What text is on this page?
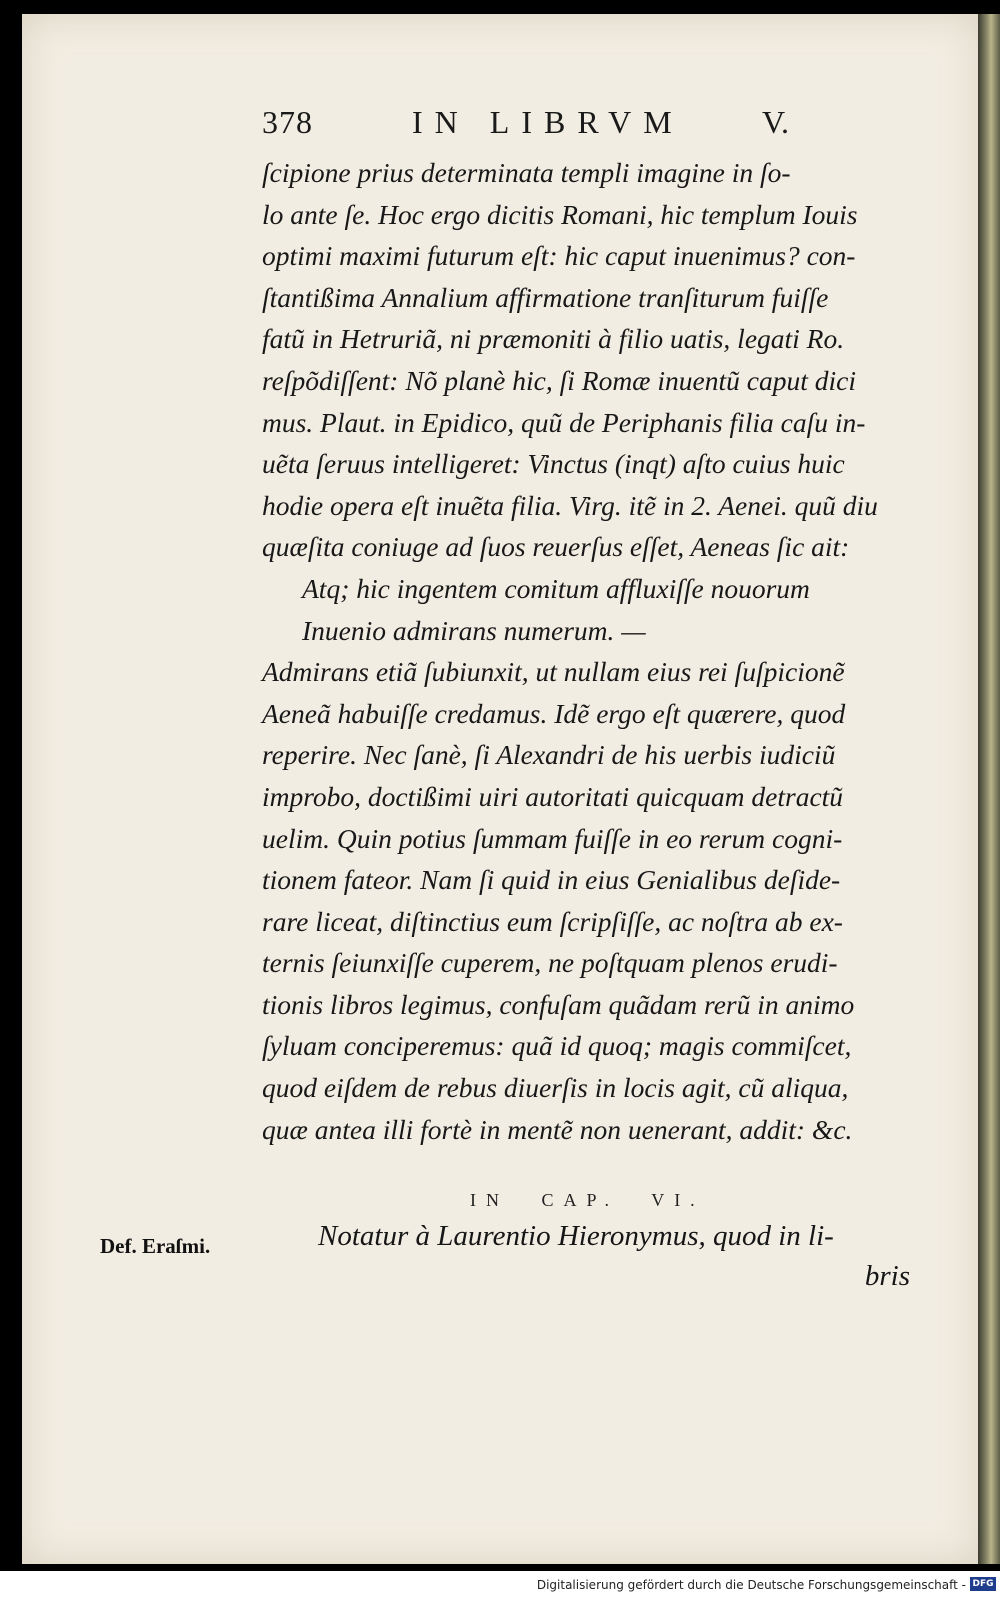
378	IN LIBRVM V.
ſcipione prius determinata templi imagine in ſo-
lo ante ſe. Hoc ergo dicitis Romani, hic templum Iouis
optimi maximi futurum eſt: hic caput inuenimus? con-
ſtantißima Annalium affirmatione tranſiturum fuiſſe
fatũ in Hetruriã, ni præmoniti à filio uatis, legati Ro.
reſpõdiſſent: Nõ planè hic, ſi Romæ inuentũ caput dici
mus. Plaut. in Epidico, quũ de Periphanis filia caſu in-
uẽta ſeruus intelligeret: Vinctus (inqt) aſto cuius huic
hodie opera eſt inuẽta filia. Virg. itẽ in 2. Aenei. quũ diu
quæſita coniuge ad ſuos reuerſus eſſet, Aeneas ſic ait:
Atq; hic ingentem comitum affluxiſſe nouorum
Inuenio admirans numerum. —
Admirans etiã ſubiunxit, ut nullam eius rei ſuſpicionẽ
Aeneã habuiſſe credamus. Idẽ ergo eſt quærere, quod
reperire. Nec ſanè, ſi Alexandri de his uerbis iudiciũ
improbo, doctißimi uiri autoritati quicquam detractũ
uelim. Quin potius ſummam fuiſſe in eo rerum cogni-
tionem fateor. Nam ſi quid in eius Genialibus deſide-
rare liceat, diſtinctius eum ſcripſiſſe, ac noſtra ab ex-
ternis ſeiunxiſſe cuperem, ne poſtquam plenos erudi-
tionis libros legimus, confuſam quãdam rerũ in animo
ſyluam conciperemus: quã id quoq; magis commiſcet,
quod eiſdem de rebus diuerſis in locis agit, cũ aliqua,
quæ antea illi fortè in mentẽ non uenerant, addit: &c.
IN CAP. VI.
Def. Eraſmi.	Notatur à Laurentio Hieronymus, quod in li-
bris
Digitalisierung gefördert durch die Deutsche Forschungsgemeinschaft - DFG
